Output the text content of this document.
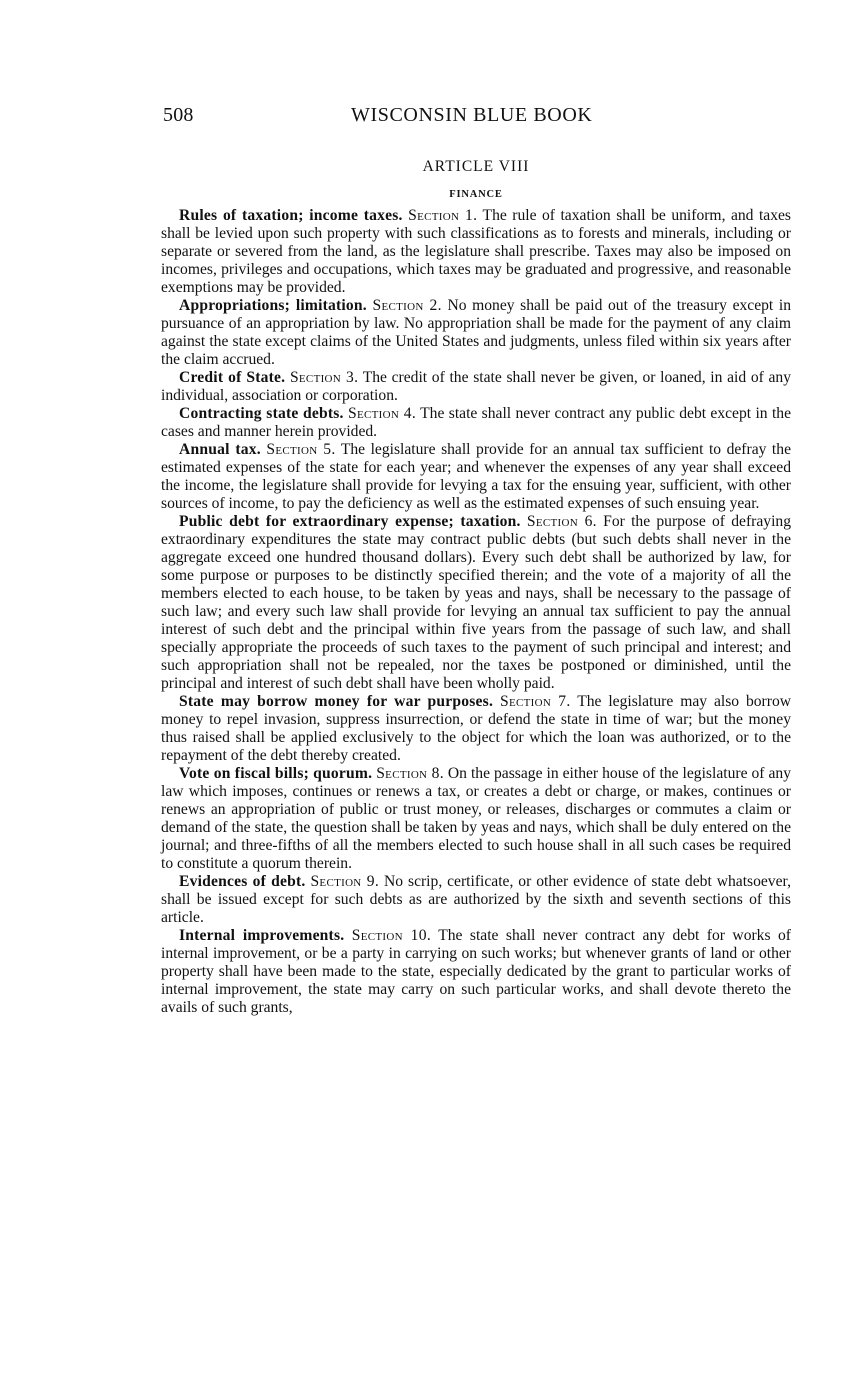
508	WISCONSIN BLUE BOOK
ARTICLE VIII
FINANCE

Rules of taxation; income taxes. Section 1. The rule of taxation shall be uniform, and taxes shall be levied upon such property with such classifications as to forests and minerals, including or separate or severed from the land, as the legislature shall prescribe. Taxes may also be imposed on incomes, privileges and occupations, which taxes may be graduated and progressive, and reasonable exemptions may be provided.

Appropriations; limitation. Section 2. No money shall be paid out of the treasury except in pursuance of an appropriation by law. No appropriation shall be made for the payment of any claim against the state except claims of the United States and judgments, unless filed within six years after the claim accrued.

Credit of State. Section 3. The credit of the state shall never be given, or loaned, in aid of any individual, association or corporation.

Contracting state debts. Section 4. The state shall never contract any public debt except in the cases and manner herein provided.

Annual tax. Section 5. The legislature shall provide for an annual tax sufficient to defray the estimated expenses of the state for each year; and whenever the expenses of any year shall exceed the income, the legislature shall provide for levying a tax for the ensuing year, sufficient, with other sources of income, to pay the deficiency as well as the estimated expenses of such ensuing year.

Public debt for extraordinary expense; taxation. Section 6. For the purpose of defraying extraordinary expenditures the state may contract public debts (but such debts shall never in the aggregate exceed one hundred thousand dollars). Every such debt shall be authorized by law, for some purpose or purposes to be distinctly specified therein; and the vote of a majority of all the members elected to each house, to be taken by yeas and nays, shall be necessary to the passage of such law; and every such law shall provide for levying an annual tax sufficient to pay the annual interest of such debt and the principal within five years from the passage of such law, and shall specially appropriate the proceeds of such taxes to the payment of such principal and interest; and such appropriation shall not be repealed, nor the taxes be postponed or diminished, until the principal and interest of such debt shall have been wholly paid.

State may borrow money for war purposes. Section 7. The legislature may also borrow money to repel invasion, suppress insurrection, or defend the state in time of war; but the money thus raised shall be applied exclusively to the object for which the loan was authorized, or to the repayment of the debt thereby created.

Vote on fiscal bills; quorum. Section 8. On the passage in either house of the legislature of any law which imposes, continues or renews a tax, or creates a debt or charge, or makes, continues or renews an appropriation of public or trust money, or releases, discharges or commutes a claim or demand of the state, the question shall be taken by yeas and nays, which shall be duly entered on the journal; and three-fifths of all the members elected to such house shall in all such cases be required to constitute a quorum therein.

Evidences of debt. Section 9. No scrip, certificate, or other evidence of state debt whatsoever, shall be issued except for such debts as are authorized by the sixth and seventh sections of this article.

Internal improvements. Section 10. The state shall never contract any debt for works of internal improvement, or be a party in carrying on such works; but whenever grants of land or other property shall have been made to the state, especially dedicated by the grant to particular works of internal improvement, the state may carry on such particular works, and shall devote thereto the avails of such grants,
